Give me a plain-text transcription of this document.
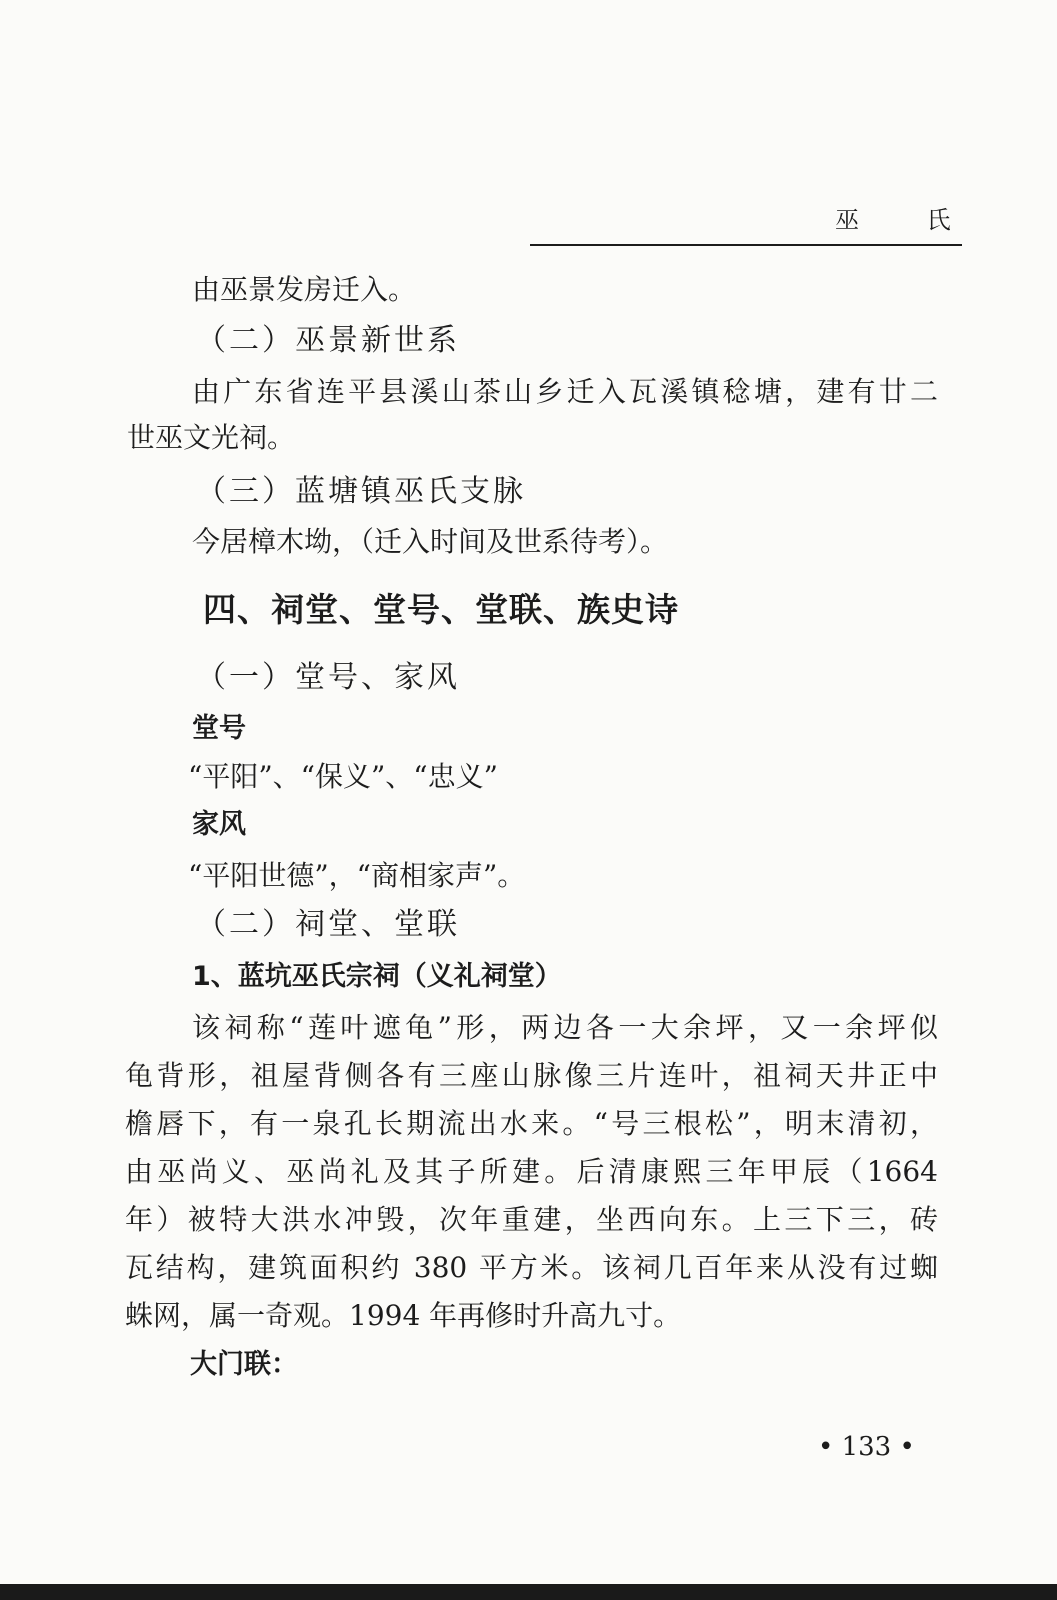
巫 氏
由巫景发房迁入。
（二）巫景新世系
由广东省连平县溪山茶山乡迁入瓦溪镇稔塘，建有廿二
世巫文光祠。
（三）蓝塘镇巫氏支脉
今居樟木坳，（迁入时间及世系待考）。
四、祠堂、堂号、堂联、族史诗
（一）堂号、家风
堂号
“平阳”、“保义”、“忠义”
家风
“平阳世德”，“商相家声”。
（二）祠堂、堂联
1、蓝坑巫氏宗祠（义礼祠堂）
该祠称“莲叶遮龟”形，两边各一大余坪，又一余坪似
龟背形，祖屋背侧各有三座山脉像三片连叶，祖祠天井正中
檐唇下，有一泉孔长期流出水来。“号三根松”，明末清初，
由巫尚义、巫尚礼及其子所建。后清康熙三年甲辰（1664
年）被特大洪水冲毁，次年重建，坐西向东。上三下三，砖
瓦结构，建筑面积约 380 平方米。该祠几百年来从没有过蜘
蛛网，属一奇观。1994 年再修时升高九寸。
大门联：
• 133 •
